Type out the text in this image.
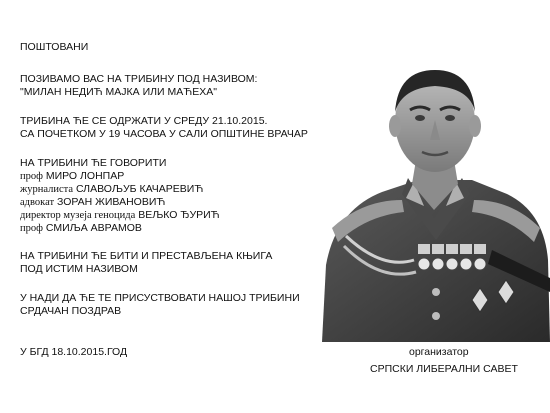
ПОШТОВАНИ
ПОЗИВАМО ВАС НА ТРИБИНУ ПОД НАЗИВОМ:
"МИЛАН НЕДИЋ МАЈКА ИЛИ МАЋЕХА"
ТРИБИНА ЋЕ СЕ ОДРЖАТИ У СРЕДУ 21.10.2015.
СА ПОЧЕТКОМ У 19 ЧАСОВА У САЛИ ОПШТИНЕ ВРАЧАР
НА ТРИБИНИ ЋЕ ГОВОРИТИ
проф МИРО ЛОНПАР
журналиста СЛАВОЉУБ КАЧАРЕВИЋ
адвокат ЗОРАН ЖИВАНОВИЋ
директор музеја геноцида ВЕЉКО ЂУРИЋ
проф СМИЉА АВРАМОВ
НА ТРИБИНИ ЋЕ БИТИ И ПРЕСТАВЉЕНА КЊИГА
ПОД ИСТИМ НАЗИВОМ
У НАДИ ДА ЋЕ ТЕ ПРИСУСТВОВАТИ НАШОЈ ТРИБИНИ
СРДАЧАН ПОЗДРАВ
У БГД 18.10.2015.ГОД	организатор
СРПСКИ ЛИБЕРАЛНИ САВЕТ
